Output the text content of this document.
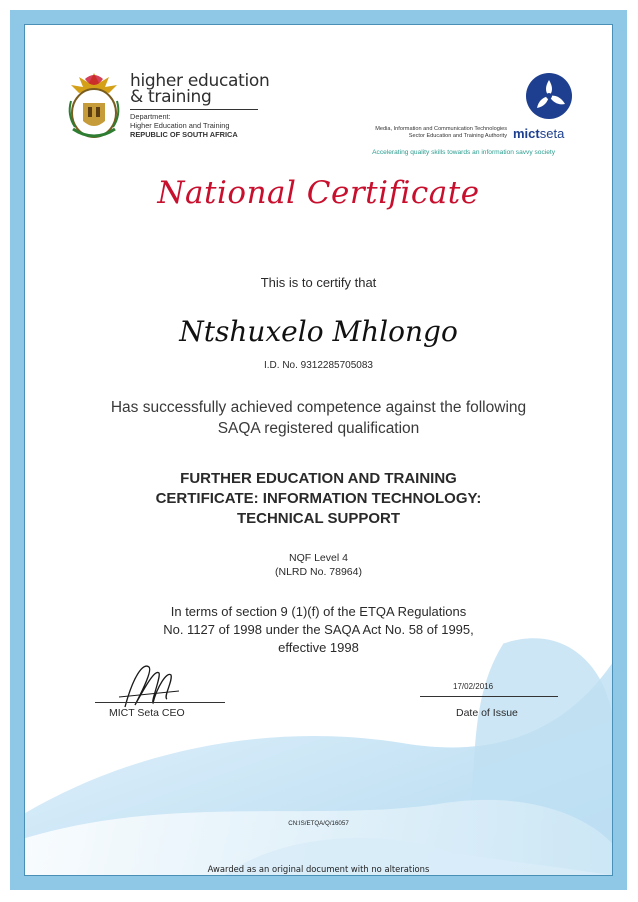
higher education
& training
Department:
Higher Education and Training
REPUBLIC OF SOUTH AFRICA
Media, Information and Communication Technologies
Sector Education and Training Authority mictseta
Accelerating quality skills towards an information savvy society
National Certificate
This is to certify that
Ntshuxelo Mhlongo
I.D. No. 9312285705083
Has successfully achieved competence against the following
SAQA registered qualification
FURTHER EDUCATION AND TRAINING
CERTIFICATE: INFORMATION TECHNOLOGY:
TECHNICAL SUPPORT
NQF Level 4
(NLRD No. 78964)
In terms of section 9 (1)(f) of the ETQA Regulations
No. 1127 of 1998 under the SAQA Act No. 58 of 1995,
effective 1998
MICT Seta CEO
17/02/2016
Date of Issue
CN:IS/ETQA/Q/16057
Awarded as an original document with no alterations
